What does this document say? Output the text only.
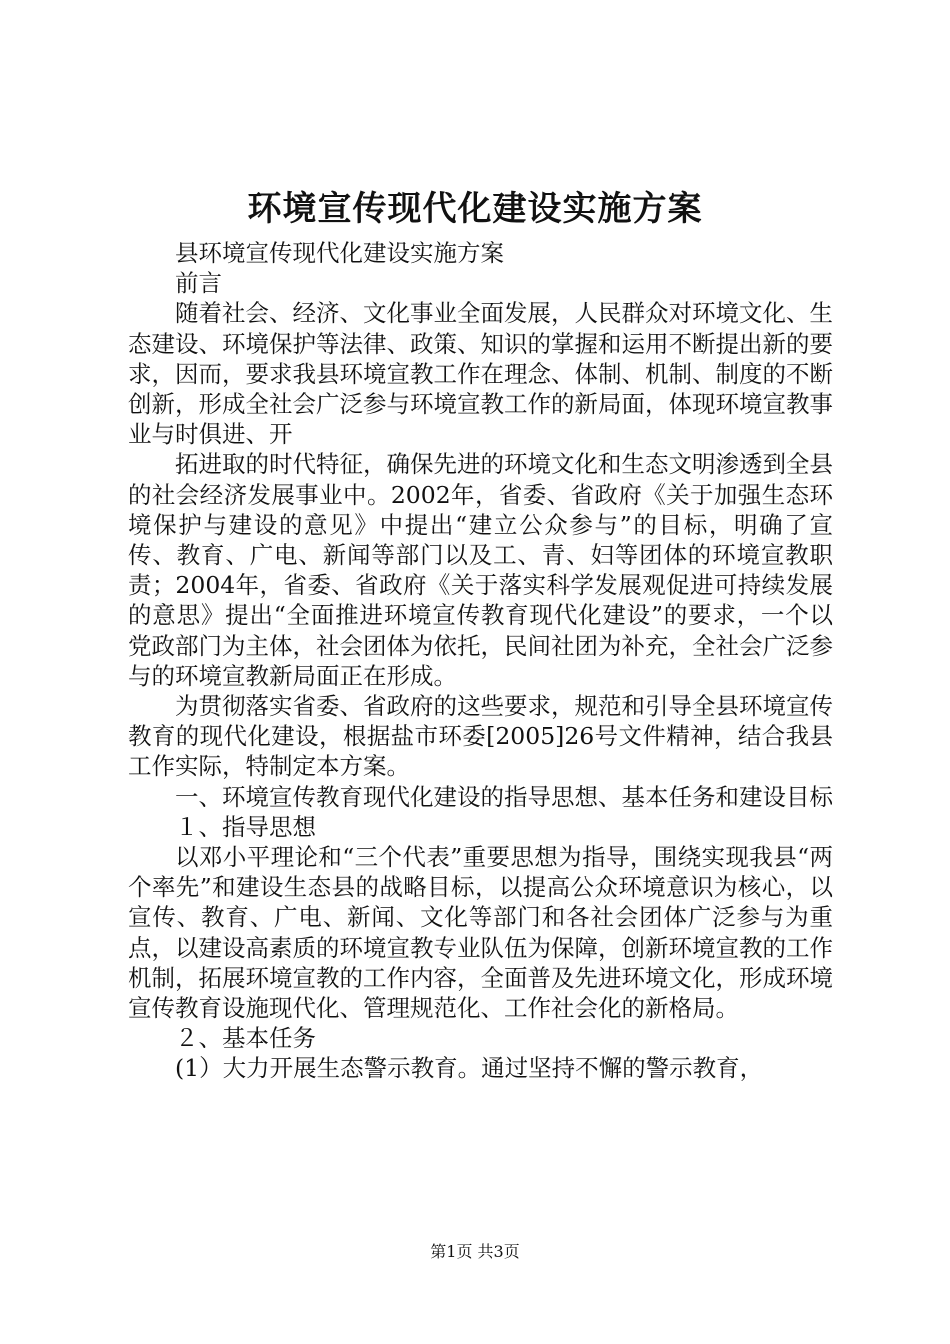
环境宣传现代化建设实施方案

县环境宣传现代化建设实施方案

前言

随着社会、经济、文化事业全面发展，人民群众对环境文化、生态建设、环境保护等法律、政策、知识的掌握和运用不断提出新的要求，因而，要求我县环境宣教工作在理念、体制、机制、制度的不断创新，形成全社会广泛参与环境宣教工作的新局面，体现环境宣教事业与时俱进、开

拓进取的时代特征，确保先进的环境文化和生态文明渗透到全县的社会经济发展事业中。2002年，省委、省政府《关于加强生态环境保护与建设的意见》中提出“建立公众参与”的目标，明确了宣传、教育、广电、新闻等部门以及工、青、妇等团体的环境宣教职责；2004年，省委、省政府《关于落实科学发展观促进可持续发展的意思》提出“全面推进环境宣传教育现代化建设”的要求，一个以党政部门为主体，社会团体为依托，民间社团为补充，全社会广泛参与的环境宣教新局面正在形成。

为贯彻落实省委、省政府的这些要求，规范和引导全县环境宣传教育的现代化建设，根据盐市环委[2005]26号文件精神，结合我县工作实际，特制定本方案。

一、环境宣传教育现代化建设的指导思想、基本任务和建设目标

１、指导思想

以邓小平理论和“三个代表”重要思想为指导，围绕实现我县“两个率先”和建设生态县的战略目标，以提高公众环境意识为核心，以宣传、教育、广电、新闻、文化等部门和各社会团体广泛参与为重点，以建设高素质的环境宣教专业队伍为保障，创新环境宣教的工作机制，拓展环境宣教的工作内容，全面普及先进环境文化，形成环境宣传教育设施现代化、管理规范化、工作社会化的新格局。

２、基本任务

(1）大力开展生态警示教育。通过坚持不懈的警示教育，

第1页 共3页
